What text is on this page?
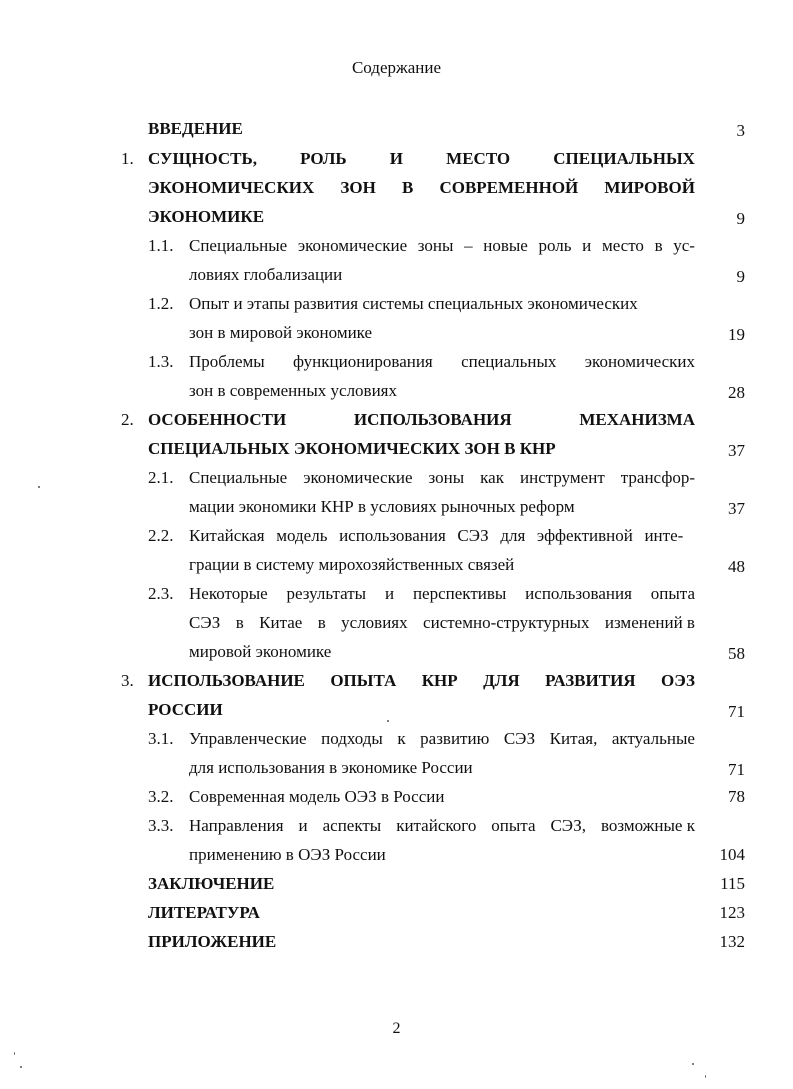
Содержание
ВВЕДЕНИЕ	3
1. СУЩНОСТЬ,	РОЛЬ	И	МЕСТО	СПЕЦИАЛЬНЫХ
ЭКОНОМИЧЕСКИХ ЗОН В СОВРЕМЕННОЙ МИРОВОЙ
ЭКОНОМИКЕ	9
1.1. Специальные экономические зоны – новые роль и место в ус-
ловиях глобализации	9
1.2. Опыт и этапы развития системы специальных экономических
зон в мировой экономике	19
1.3. Проблемы функционирования специальных экономических
зон в современных условиях	28
2. ОСОБЕННОСТИ	ИСПОЛЬЗОВАНИЯ	МЕХАНИЗМА
СПЕЦИАЛЬНЫХ ЭКОНОМИЧЕСКИХ ЗОН В КНР	37
2.1. Специальные экономические зоны как инструмент трансфор-
мации экономики КНР в условиях рыночных реформ	37
2.2. Китайская модель использования СЭЗ для эффективной инте-
грации в систему мирохозяйственных связей	48
2.3. Некоторые результаты и перспективы использования опыта
СЭЗ в Китае в условиях системно-структурных изменений в
мировой экономике	58
3. ИСПОЛЬЗОВАНИЕ ОПЫТА КНР ДЛЯ РАЗВИТИЯ ОЭЗ
РОССИИ	71
3.1. Управленческие подходы к развитию СЭЗ Китая, актуальные
для использования в экономике России	71
3.2. Современная модель ОЭЗ в России	78
3.3. Направления и аспекты китайского опыта СЭЗ, возможные к
применению в ОЭЗ России	104
ЗАКЛЮЧЕНИЕ	115
ЛИТЕРАТУРА	123
ПРИЛОЖЕНИЕ	132
2
